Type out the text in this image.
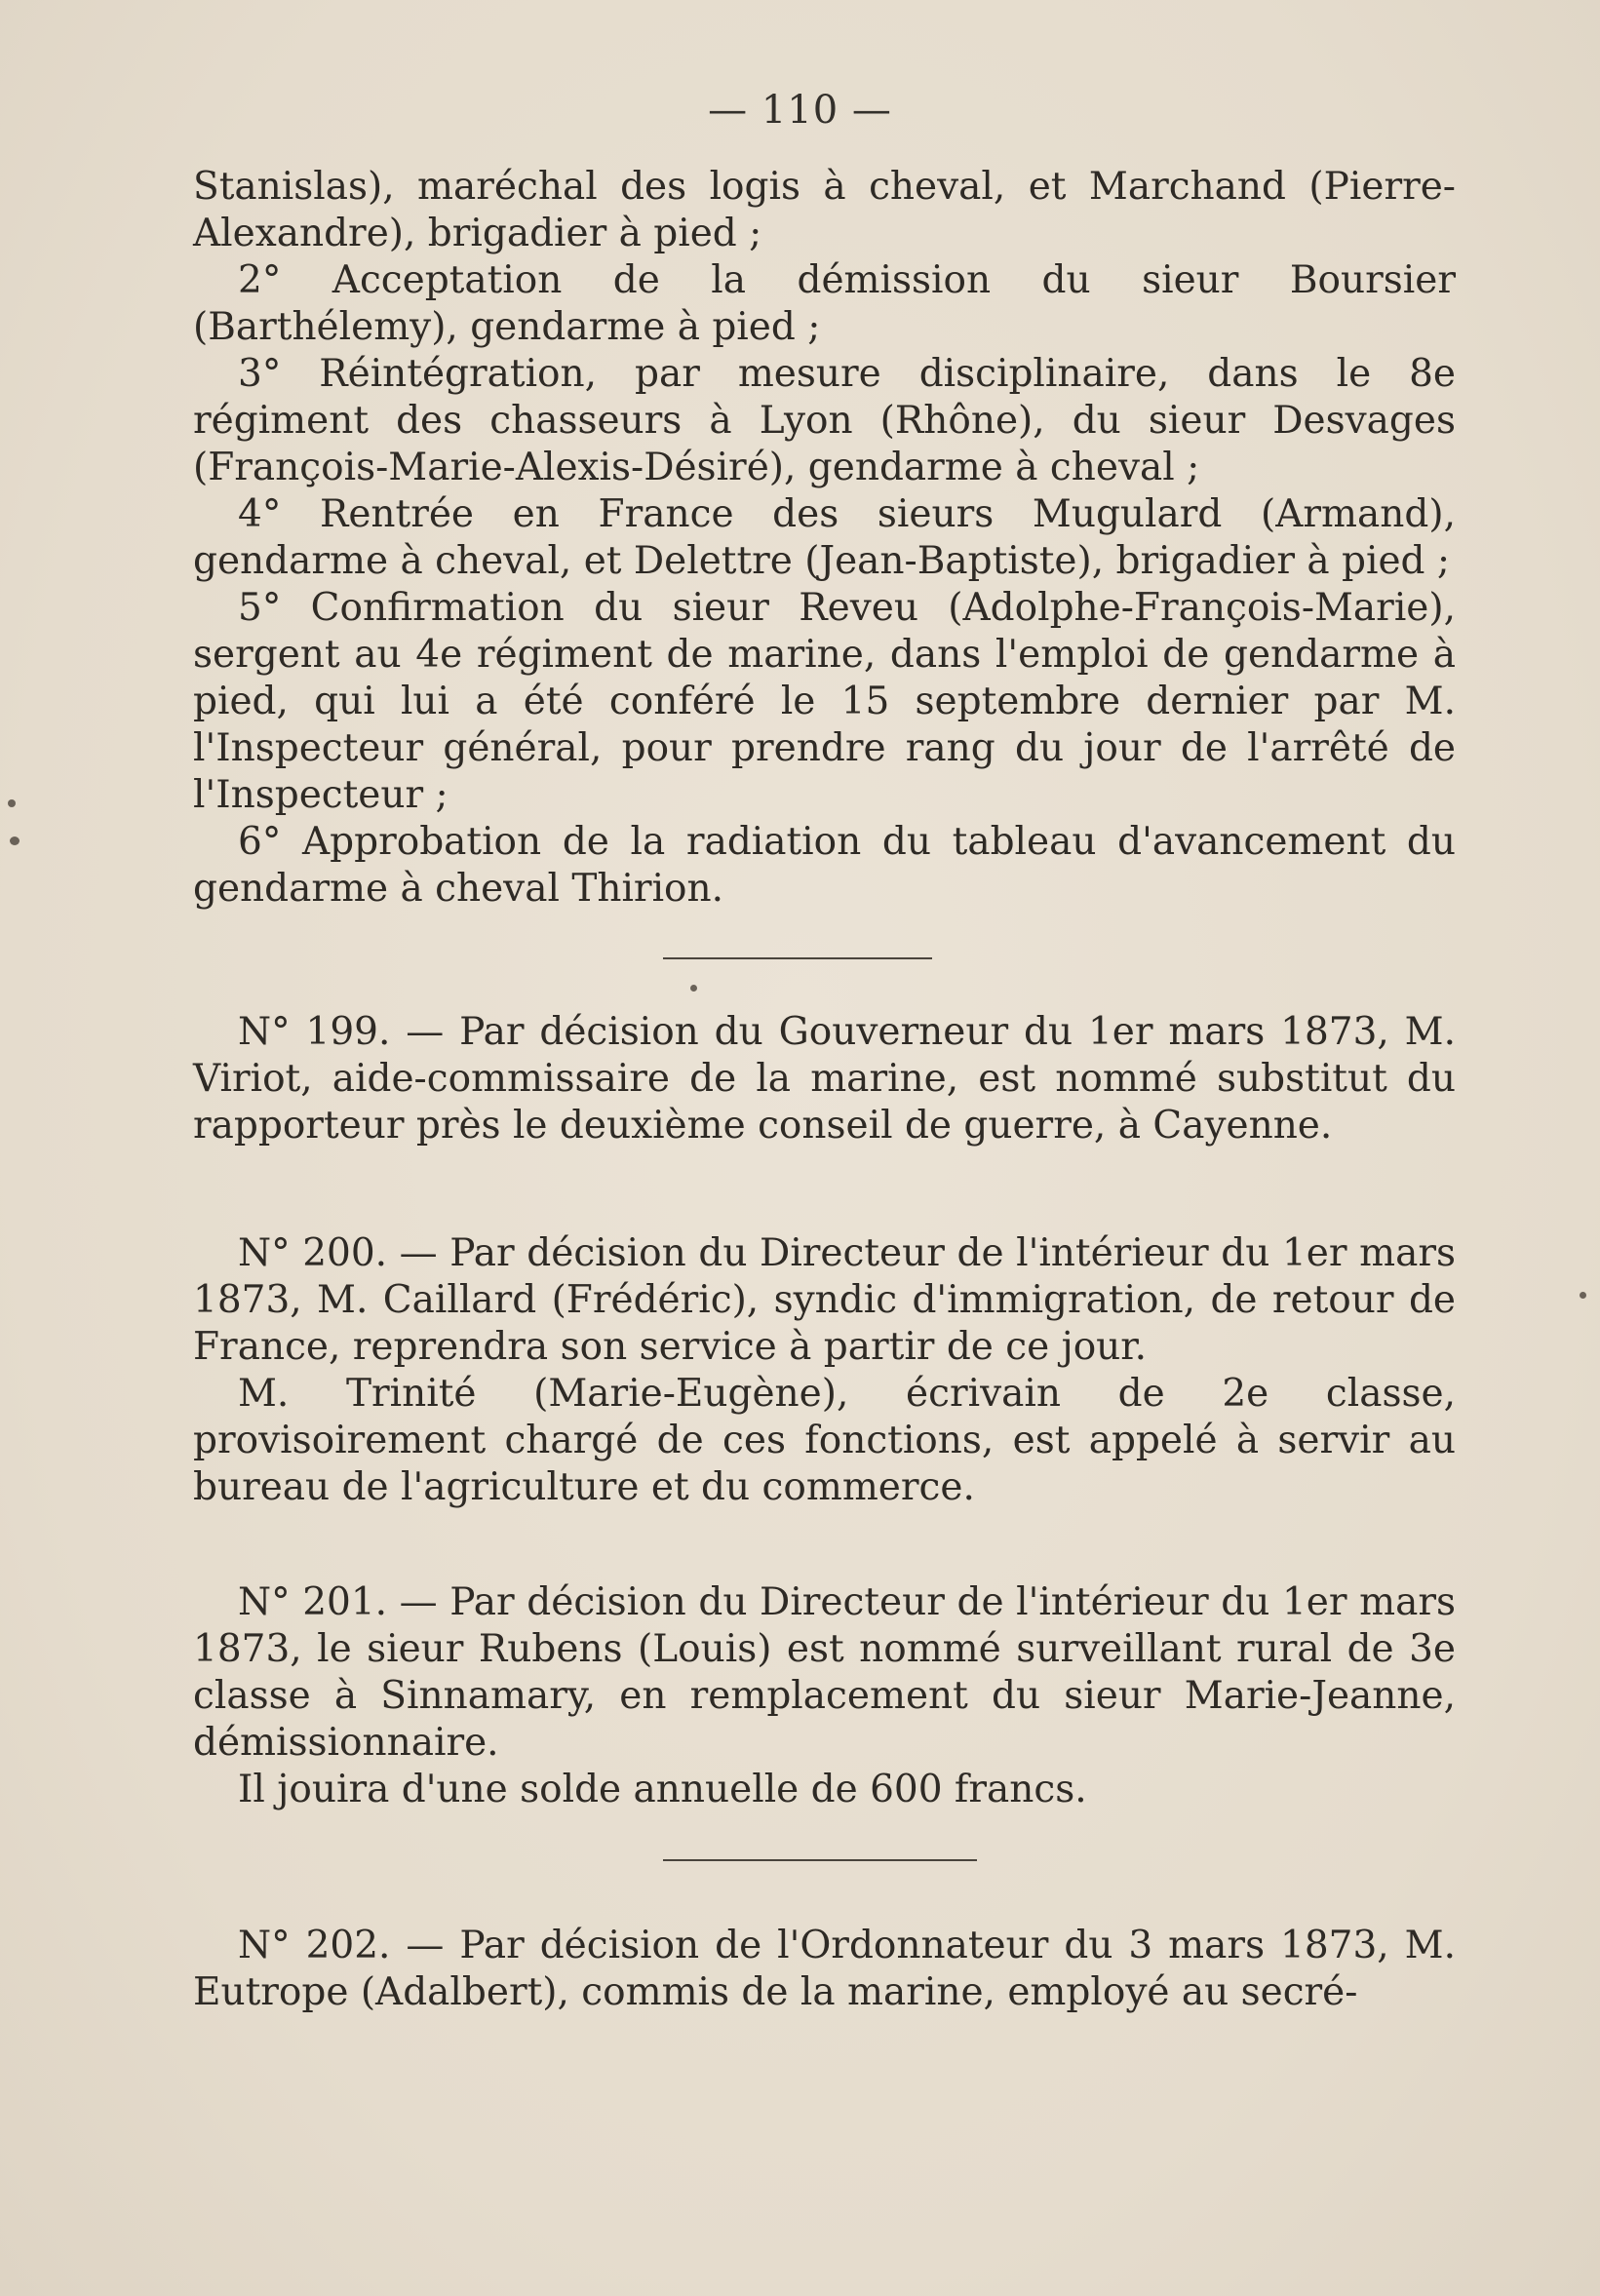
— 110 —

Stanislas), maréchal des logis à cheval, et Marchand (Pierre-Alexandre), brigadier à pied ;

2° Acceptation de la démission du sieur Boursier (Barthélemy), gendarme à pied ;

3° Réintégration, par mesure disciplinaire, dans le 8e régiment des chasseurs à Lyon (Rhône), du sieur Desvages (François-Marie-Alexis-Désiré), gendarme à cheval ;

4° Rentrée en France des sieurs Mugulard (Armand), gendarme à cheval, et Delettre (Jean-Baptiste), brigadier à pied ;

5° Confirmation du sieur Reveu (Adolphe-François-Marie), sergent au 4e régiment de marine, dans l'emploi de gendarme à pied, qui lui a été conféré le 15 septembre dernier par M. l'Inspecteur général, pour prendre rang du jour de l'arrêté de l'Inspecteur ;

6° Approbation de la radiation du tableau d'avancement du gendarme à cheval Thirion.

N° 199. — Par décision du Gouverneur du 1er mars 1873, M. Viriot, aide-commissaire de la marine, est nommé substitut du rapporteur près le deuxième conseil de guerre, à Cayenne.

N° 200. — Par décision du Directeur de l'intérieur du 1er mars 1873, M. Caillard (Frédéric), syndic d'immigration, de retour de France, reprendra son service à partir de ce jour.

M. Trinité (Marie-Eugène), écrivain de 2e classe, provisoirement chargé de ces fonctions, est appelé à servir au bureau de l'agriculture et du commerce.

N° 201. — Par décision du Directeur de l'intérieur du 1er mars 1873, le sieur Rubens (Louis) est nommé surveillant rural de 3e classe à Sinnamary, en remplacement du sieur Marie-Jeanne, démissionnaire.

Il jouira d'une solde annuelle de 600 francs.

N° 202. — Par décision de l'Ordonnateur du 3 mars 1873, M. Eutrope (Adalbert), commis de la marine, employé au secré-
